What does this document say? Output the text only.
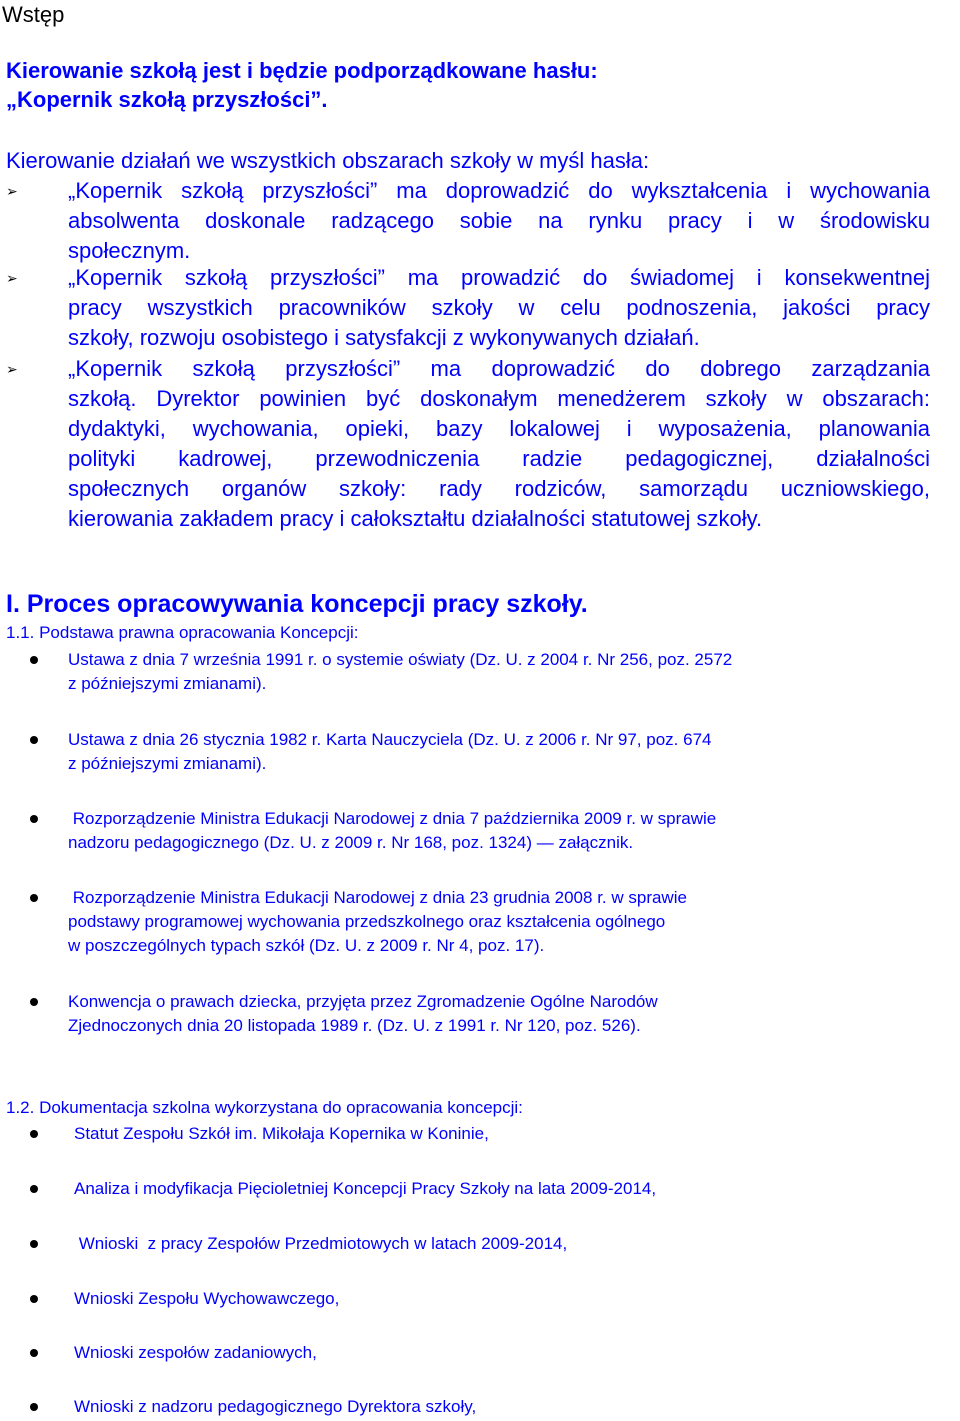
Wstęp
Kierowanie szkołą jest i będzie podporządkowane hasłu:
„Kopernik szkołą przyszłości”.
Kierowanie działań we wszystkich obszarach szkoły w myśl hasła:
➢ „Kopernik szkołą przyszłości” ma doprowadzić do wykształcenia i wychowania

absolwenta doskonale radzącego sobie na rynku pracy i w środowisku

społecznym.

➢ „Kopernik szkołą przyszłości” ma prowadzić do świadomej i konsekwentnej

pracy wszystkich pracowników szkoły w celu podnoszenia, jakości pracy

szkoły, rozwoju osobistego i satysfakcji z wykonywanych działań.

➢ „Kopernik szkołą przyszłości” ma doprowadzić do dobrego zarządzania

szkołą. Dyrektor powinien być doskonałym menedżerem szkoły w obszarach:

dydaktyki, wychowania, opieki, bazy lokalowej i wyposażenia, planowania

polityki kadrowej, przewodniczenia radzie pedagogicznej, działalności

społecznych organów szkoły: rady rodziców, samorządu uczniowskiego,

kierowania zakładem pracy i całokształtu działalności statutowej szkoły.

I. Proces opracowywania koncepcji pracy szkoły.
1.1. Podstawa prawna opracowania Koncepcji:

Ustawa z dnia 7 września 1991 r. o systemie oświaty (Dz. U. z 2004 r. Nr 256, poz. 2572

z późniejszymi zmianami).

Ustawa z dnia 26 stycznia 1982 r. Karta Nauczyciela (Dz. U. z 2006 r. Nr 97, poz. 674

z późniejszymi zmianami).

Rozporządzenie Ministra Edukacji Narodowej z dnia 7 października 2009 r. w sprawie

nadzoru pedagogicznego (Dz. U. z 2009 r. Nr 168, poz. 1324) — załącznik.

Rozporządzenie Ministra Edukacji Narodowej z dnia 23 grudnia 2008 r. w sprawie

podstawy programowej wychowania przedszkolnego oraz kształcenia ogólnego

w poszczególnych typach szkół (Dz. U. z 2009 r. Nr 4, poz. 17).

Konwencja o prawach dziecka, przyjęta przez Zgromadzenie Ogólne Narodów

Zjednoczonych dnia 20 listopada 1989 r. (Dz. U. z 1991 r. Nr 120, poz. 526).

1.2. Dokumentacja szkolna wykorzystana do opracowania koncepcji:

Statut Zespołu Szkół im. Mikołaja Kopernika w Koninie,

Analiza i modyfikacja Pięcioletniej Koncepcji Pracy Szkoły na lata 2009-2014,

Wnioski  z pracy Zespołów Przedmiotowych w latach 2009-2014,

Wnioski Zespołu Wychowawczego,

Wnioski zespołów zadaniowych,

Wnioski z nadzoru pedagogicznego Dyrektora szkoły,
